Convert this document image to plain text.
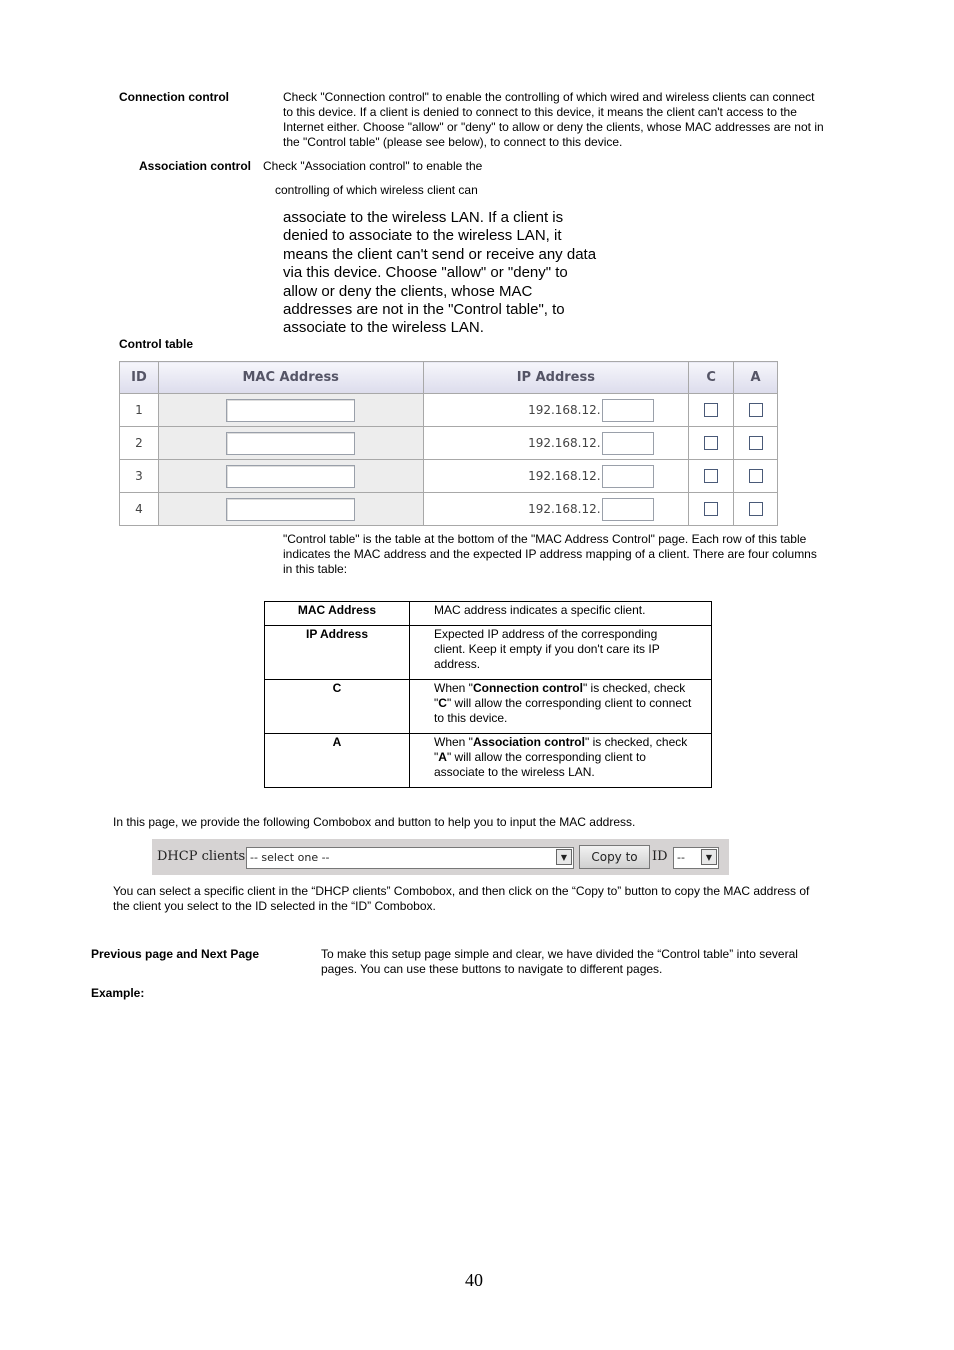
Connection control	Check "Connection control" to enable the controlling of which wired and wireless clients can connect
to this device. If a client is denied to connect to this device, it means the client can't access to the
Internet either. Choose "allow" or "deny" to allow or deny the clients, whose MAC addresses are not in
the "Control table" (please see below), to connect to this device.
Association control Check "Association control" to enable the
controlling of which wireless client can
associate to the wireless LAN. If a client is
denied to associate to the wireless LAN, it
means the client can't send or receive any data
via this device. Choose "allow" or "deny" to
allow or deny the clients, whose MAC
addresses are not in the "Control table", to
associate to the wireless LAN.
Control table
ID	MAC Address	IP Address	C	A
1		192.168.12.		
2		192.168.12.		
3		192.168.12.		
4		192.168.12.		
"Control table" is the table at the bottom of the "MAC Address Control" page. Each row of this table
indicates the MAC address and the expected IP address mapping of a client. There are four columns
in this table:
MAC Address	MAC address indicates a specific client.

IP Address	Expected IP address of the corresponding
client. Keep it empty if you don't care its IP
address.

C	When "Connection control" is checked, check
"C" will allow the corresponding client to connect
to this device.

A	When "Association control" is checked, check
"A" will allow the corresponding client to
associate to the wireless LAN.
In this page, we provide the following Combobox and button to help you to input the MAC address.
DHCP clients -- select one --	▼	Copy to	ID --	▼
You can select a specific client in the “DHCP clients” Combobox, and then click on the “Copy to” button to copy the MAC address of
the client you select to the ID selected in the “ID” Combobox.
Previous page and Next Page	To make this setup page simple and clear, we have divided the “Control table” into several
pages. You can use these buttons to navigate to different pages.
Example:
40
